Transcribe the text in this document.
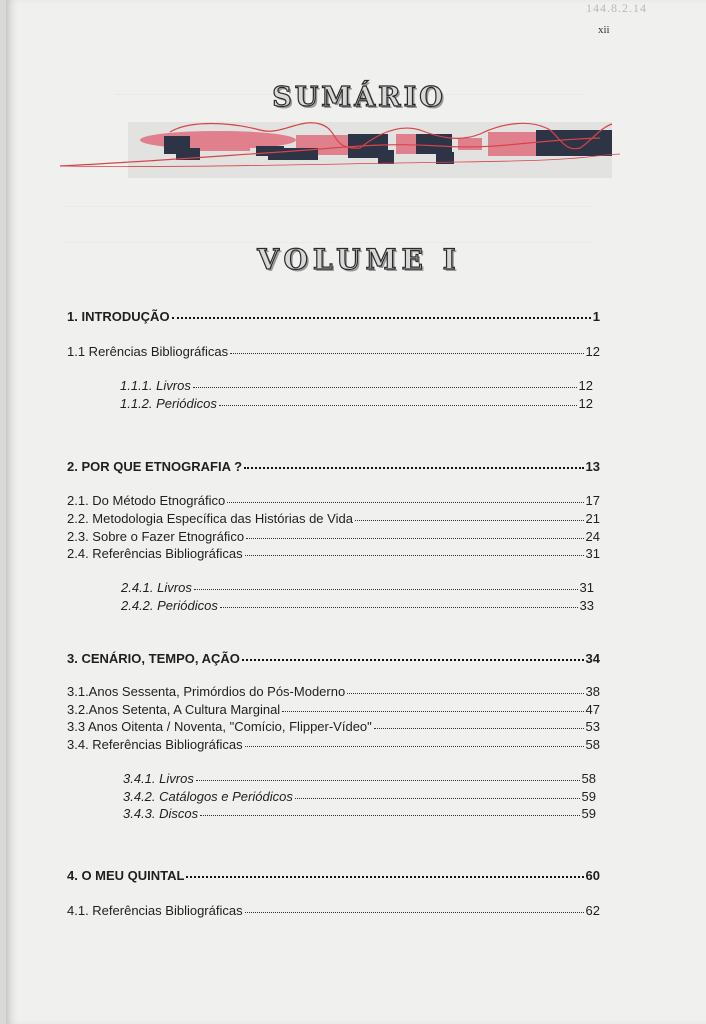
144.8.2.14
xii
SUMÁRIO
VOLUME I
1. INTRODUÇÃO	1
1.1 Rerências Bibliográficas	12
1.1.1. Livros	12
1.1.2. Periódicos	12
2. POR QUE ETNOGRAFIA ?	13
2.1. Do Método Etnográfico	17
2.2. Metodologia Específica das Histórias de Vida	21
2.3. Sobre o Fazer Etnográfico	24
2.4. Referências Bibliográficas	31
2.4.1. Livros	31
2.4.2. Periódicos	33
3. CENÁRIO, TEMPO, AÇÃO	34
3.1.Anos Sessenta, Primórdios do Pós-Moderno	38
3.2.Anos Setenta, A Cultura Marginal	47
3.3 Anos Oitenta / Noventa, "Comício, Flipper-Vídeo"	53
3.4. Referências Bibliográficas	58
3.4.1. Livros	58
3.4.2. Catálogos e Periódicos	59
3.4.3. Discos	59
4. O MEU QUINTAL	60
4.1. Referências Bibliográficas	62
